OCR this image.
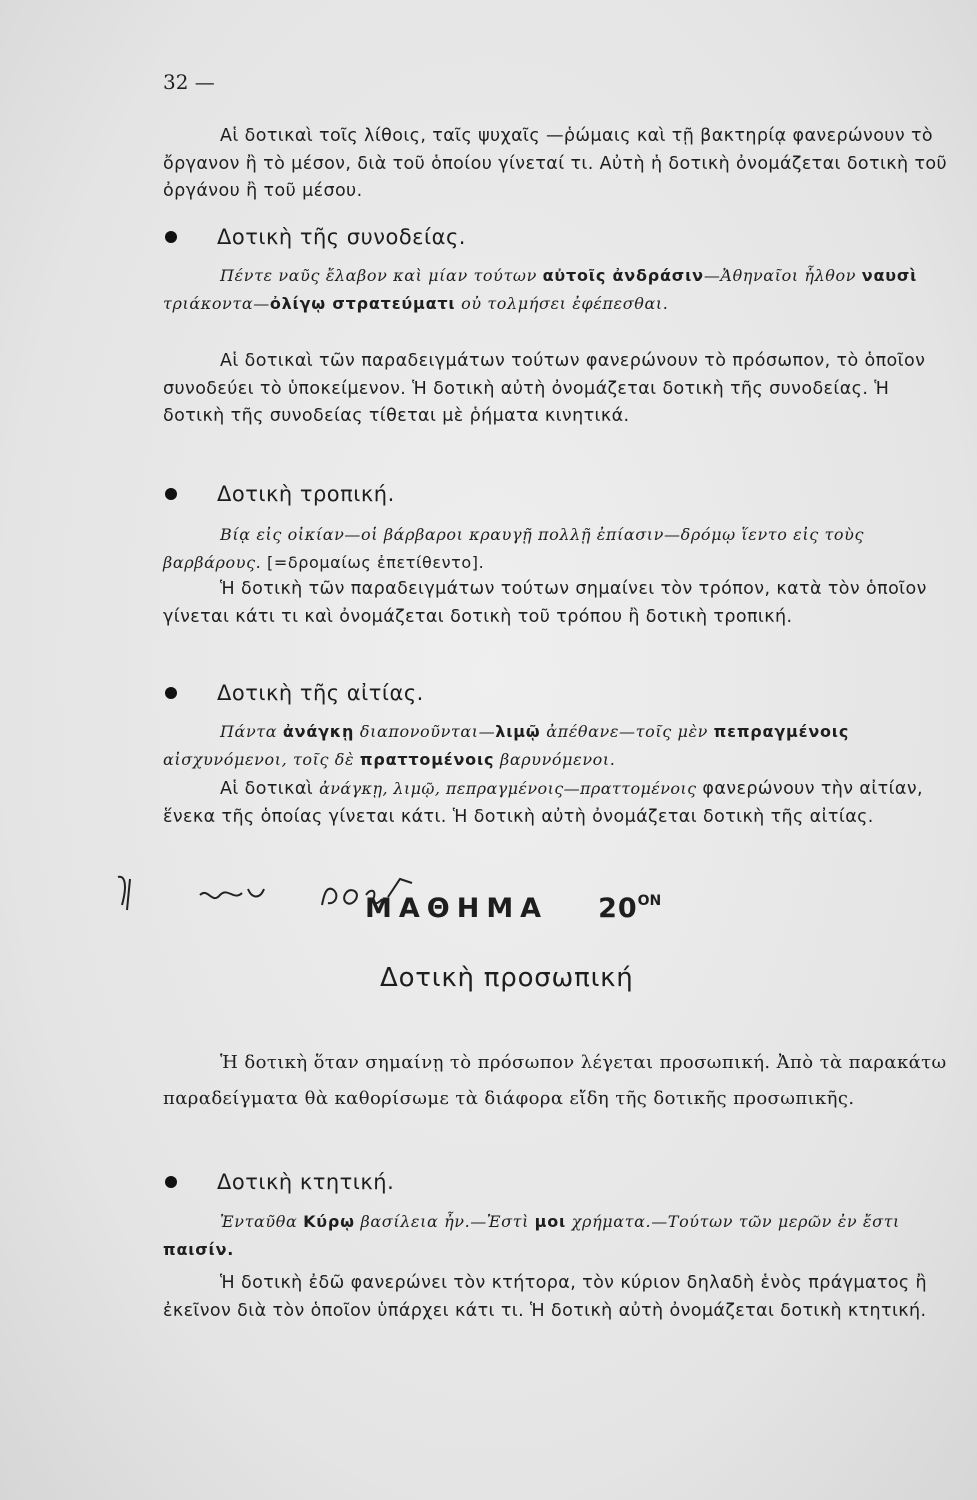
32 —

Αἱ δοτικαὶ τοῖς λίθοις, ταῖς ψυχαῖς —ῥώμαις καὶ τῇ βακτηρίᾳ φανερώνουν τὸ ὄργανον ἢ τὸ μέσον, διὰ τοῦ ὁποίου γίνεταί τι. Αὐτὴ ἡ δοτικὴ ὀνομάζεται δοτικὴ τοῦ ὀργάνου ἢ τοῦ μέσου.

Δοτικὴ τῆς συνοδείας.

Πέντε ναῦς ἔλαβον καὶ μίαν τούτων αὐτοῖς ἀνδράσιν—Ἀθηναῖοι ἦλθον ναυσὶ τριάκοντα—ὀλίγῳ στρατεύματι οὐ τολμήσει ἐφέπεσθαι.

Αἱ δοτικαὶ τῶν παραδειγμάτων τούτων φανερώνουν τὸ πρόσωπον, τὸ ὁποῖον συνοδεύει τὸ ὑποκείμενον. Ἡ δοτικὴ αὐτὴ ὀνομάζεται δοτικὴ τῆς συνοδείας. Ἡ δοτικὴ τῆς συνοδείας τίθεται μὲ ῥήματα κινητικά.

Δοτικὴ τροπική.

Βίᾳ εἰς οἰκίαν—οἱ βάρβαροι κραυγῇ πολλῇ ἐπίασιν—δρόμῳ ἵεντο εἰς τοὺς βαρβάρους. [=δρομαίως ἐπετίθεντο].

Ἡ δοτικὴ τῶν παραδειγμάτων τούτων σημαίνει τὸν τρόπον, κατὰ τὸν ὁποῖον γίνεται κάτι τι καὶ ὀνομάζεται δοτικὴ τοῦ τρόπου ἢ δοτικὴ τροπική.

Δοτικὴ τῆς αἰτίας.

Πάντα ἀνάγκῃ διαπονοῦνται—λιμῷ ἀπέθανε—τοῖς μὲν πεπραγμένοις αἰσχυνόμενοι, τοῖς δὲ πραττομένοις βαρυνόμενοι.

Αἱ δοτικαὶ ἀνάγκῃ, λιμῷ, πεπραγμένοις—πραττομένοις φανερώνουν τὴν αἰτίαν, ἕνεκα τῆς ὁποίας γίνεται κάτι. Ἡ δοτικὴ αὐτὴ ὀνομάζεται δοτικὴ τῆς αἰτίας.

ΜΑΘΗΜΑ $20^{ON}$
Δοτικὴ προσωπική

Ἡ δοτικὴ ὅταν σημαίνῃ τὸ πρόσωπον λέγεται προσωπική. Ἀπὸ τὰ παρακάτω παραδείγματα θὰ καθορίσωμε τὰ διάφορα εἴδη τῆς δοτικῆς προσωπικῆς.

Δοτικὴ κτητική.

Ἐνταῦθα Κύρῳ βασίλεια ἦν.—Ἐστὶ μοι χρήματα.—Τούτων τῶν μερῶν ἐν ἔστι παισίν.

Ἡ δοτικὴ ἐδῶ φανερώνει τὸν κτήτορα, τὸν κύριον δηλαδὴ ἑνὸς πράγματος ἢ ἐκεῖνον διὰ τὸν ὁποῖον ὑπάρχει κάτι τι. Ἡ δοτικὴ αὐτὴ ὀνομάζεται δοτικὴ κτητική.
